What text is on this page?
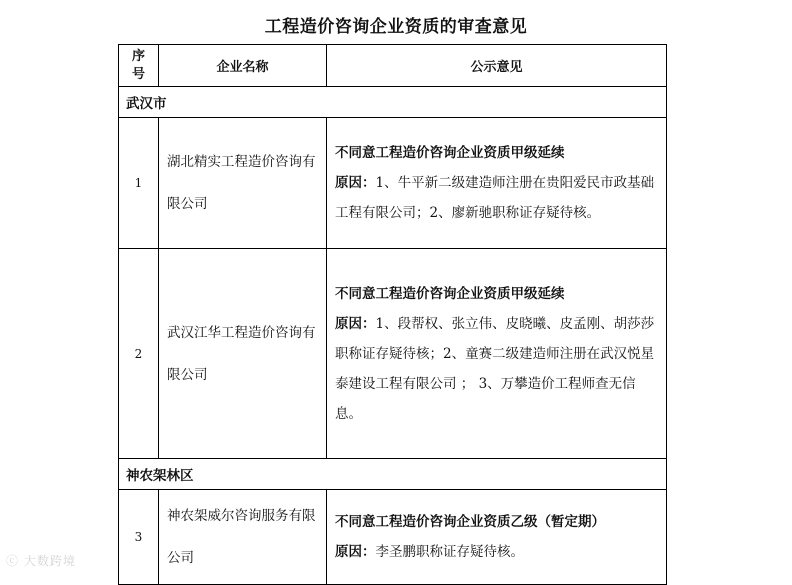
工程造价咨询企业资质的审查意见
序号	企业名称	公示意见
武汉市		
1	湖北精实工程造价咨询有限公司	不同意工程造价咨询企业资质甲级延续
原因：1、牛平新二级建造师注册在贵阳爱民市政基础工程有限公司；2、廖新驰职称证存疑待核。

2	武汉江华工程造价咨询有限公司	不同意工程造价咨询企业资质甲级延续
原因：1、段帮权、张立伟、皮晓曦、皮孟刚、胡莎莎职称证存疑待核；2、童赛二级建造师注册在武汉悦星泰建设工程有限公司 ； 3、万攀造价工程师查无信息。

神农架林区		
3	神农架威尔咨询服务有限公司	不同意工程造价咨询企业资质乙级（暂定期）
原因：李圣鹏职称证存疑待核。
ⓒ 大数跨境
